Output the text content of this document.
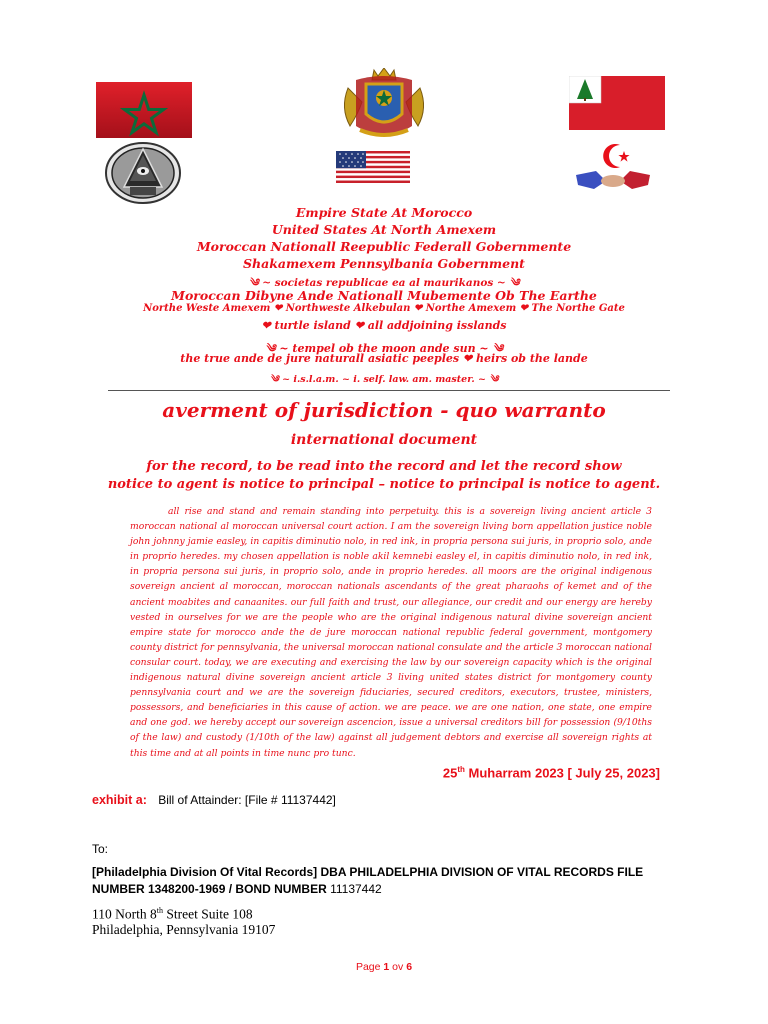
Empire State At Morocco
United States At North Amexem
Moroccan Nationall Reepublic Federall Gobernmente
Shakamexem Pennsylbania Gobernment
༄ ~ societas republicae ea al maurikanos ~ ༄
Moroccan Dibyne Ande Nationall Mubemente Ob The Earthe
Northe Weste Amexem ❤ Northweste Alkebulan ❤ Northe Amexem ❤ The Northe Gate
❤ turtle island ❤ all addjoining isslands
༄ ~ tempel ob the moon ande sun ~ ༄
the true ande de jure naturall asiatic peeples ❤ heirs ob the lande
༄ ~ i.s.l.a.m. ~ i. self. law. am. master. ~ ༄
averment of jurisdiction - quo warranto
international document
for the record, to be read into the record and let the record show
notice to agent is notice to principal – notice to principal is notice to agent.
all rise and stand and remain standing into perpetuity. this is a sovereign living ancient article 3 moroccan national al moroccan universal court action. I am the sovereign living born appellation justice noble john johnny jamie easley, in capitis diminutio nolo, in red ink, in propria persona sui juris, in proprio solo, ande in proprio heredes. my chosen appellation is noble akil kemnebi easley el, in capitis diminutio nolo, in red ink, in propria persona sui juris, in proprio solo, ande in proprio heredes. all moors are the original indigenous sovereign ancient al moroccan, moroccan nationals ascendants of the great pharaohs of kemet and of the ancient moabites and canaanites. our full faith and trust, our allegiance, our credit and our energy are hereby vested in ourselves for we are the people who are the original indigenous natural divine sovereign ancient empire state for morocco ande the de jure moroccan national republic federal government, montgomery county district for pennsylvania, the universal moroccan national consulate and the article 3 moroccan national consular court. today, we are executing and exercising the law by our sovereign capacity which is the original indigenous natural divine sovereign ancient article 3 living united states district for montgomery county pennsylvania court and we are the sovereign fiduciaries, secured creditors, executors, trustee, ministers, possessors, and beneficiaries in this cause of action. we are peace. we are one nation, one state, one empire and one god. we hereby accept our sovereign ascencion, issue a universal creditors bill for possession (9/10ths of the law) and custody (1/10th of the law) against all judgement debtors and exercise all sovereign rights at this time and at all points in time nunc pro tunc.
25th Muharram 2023 [ July 25, 2023]
exhibit a: Bill of Attainder: [File # 11137442]
To:
[Philadelphia Division Of Vital Records] DBA PHILADELPHIA DIVISION OF VITAL RECORDS FILE
NUMBER 1348200-1969 / BOND NUMBER 11137442
110 North 8th Street Suite 108
Philadelphia, Pennsylvania 19107
Page 1 ov 6
